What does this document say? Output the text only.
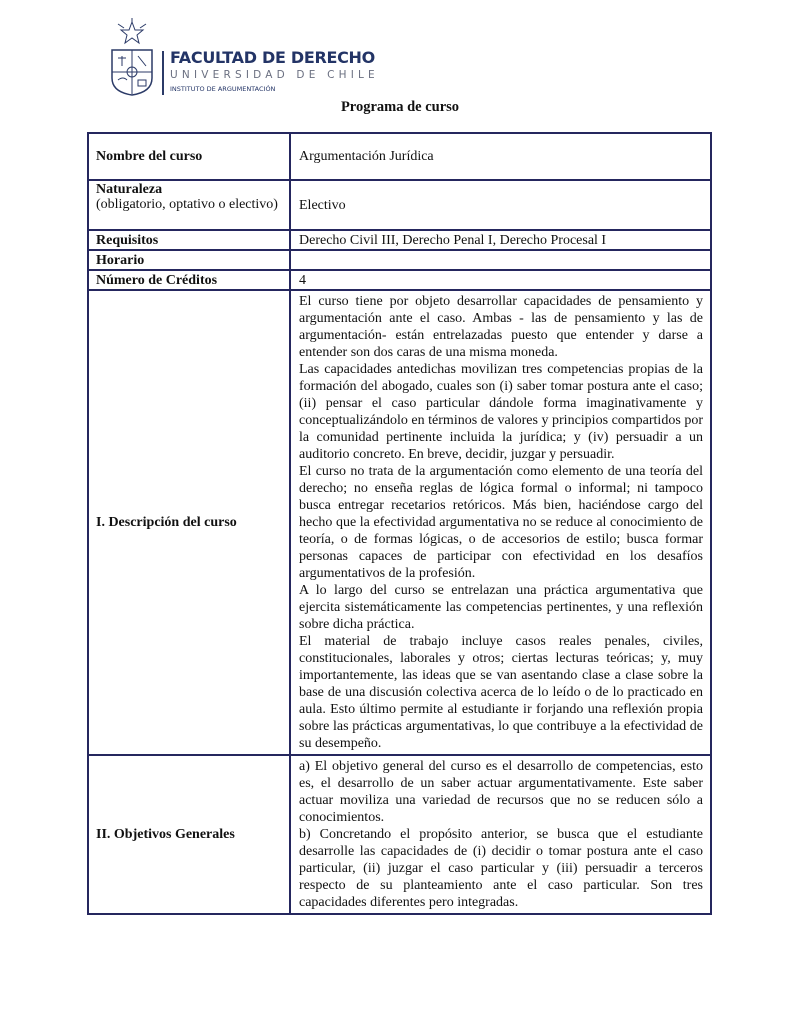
FACULTAD DE DERECHO
UNIVERSIDAD DE CHILE
INSTITUTO DE ARGUMENTACIÓN
Programa de curso
Nombre del curso	Argumentación Jurídica

Naturaleza
(obligatorio, optativo o electivo)	Electivo
Requisitos	Derecho Civil III, Derecho Penal I, Derecho Procesal I
Horario	
Número de Créditos	4
I. Descripción del curso	El curso tiene por objeto desarrollar capacidades de pensamiento y argumentación ante el caso. Ambas - las de pensamiento y las de argumentación- están entrelazadas puesto que entender y darse a entender son dos caras de una misma moneda.

Las capacidades antedichas movilizan tres competencias propias de la formación del abogado, cuales son (i) saber tomar postura ante el caso; (ii) pensar el caso particular dándole forma imaginativamente y conceptualizándolo en términos de valores y principios compartidos por la comunidad pertinente incluida la jurídica; y (iv) persuadir a un auditorio concreto. En breve, decidir, juzgar y persuadir.

El curso no trata de la argumentación como elemento de una teoría del derecho; no enseña reglas de lógica formal o informal; ni tampoco busca entregar recetarios retóricos. Más bien, haciéndose cargo del hecho que la efectividad argumentativa no se reduce al conocimiento de teoría, o de formas lógicas, o de accesorios de estilo; busca formar personas capaces de participar con efectividad en los desafíos argumentativos de la profesión.

A lo largo del curso se entrelazan una práctica argumentativa que ejercita sistemáticamente las competencias pertinentes, y una reflexión sobre dicha práctica.

El material de trabajo incluye casos reales penales, civiles, constitucionales, laborales y otros; ciertas lecturas teóricas; y, muy importantemente, las ideas que se van asentando clase a clase sobre la base de una discusión colectiva acerca de lo leído o de lo practicado en aula. Esto último permite al estudiante ir forjando una reflexión propia sobre las prácticas argumentativas, lo que contribuye a la efectividad de su desempeño.

II. Objetivos Generales	a) El objetivo general del curso es el desarrollo de competencias, esto es, el desarrollo de un saber actuar argumentativamente. Este saber actuar moviliza una variedad de recursos que no se reducen sólo a conocimientos.

b) Concretando el propósito anterior, se busca que el estudiante desarrolle las capacidades de (i) decidir o tomar postura ante el caso particular, (ii) juzgar el caso particular y (iii) persuadir a terceros respecto de su planteamiento ante el caso particular. Son tres capacidades diferentes pero integradas.
